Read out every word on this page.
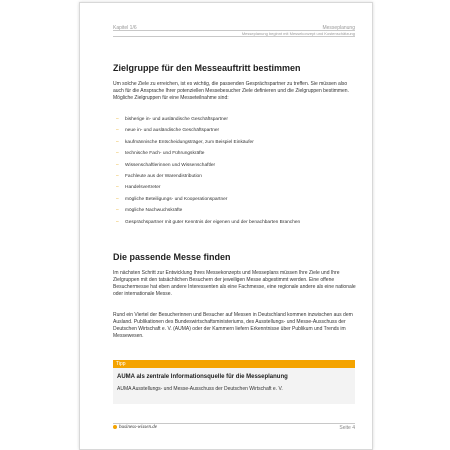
Kapitel 1/6	Messeplanung
Messeplanung beginnt mit Messekonzept und Kostenschätzung
Zielgruppe für den Messeauftritt bestimmen
Um solche Ziele zu erreichen, ist es wichtig, die passenden Gesprächspartner zu treffen. Sie müssen also auch für die Ansprache Ihrer potenziellen Messebesucher Ziele definieren und die Zielgruppen bestimmen. Mögliche Zielgruppen für eine Messeteilnahme sind:
– bisherige in- und ausländische Geschäftspartner
– neue in- und ausländische Geschäftspartner
– kaufmännische Entscheidungsträger, zum Beispiel Einkäufer
– technische Fach- und Führungskräfte
– Wissenschaftlerinnen und Wissenschaftler
– Fachleute aus der Warendistribution
– Handelsvertreter
– mögliche Beteiligungs- und Kooperationspartner
– mögliche Nachwuchskräfte
– Gesprächspartner mit guter Kenntnis der eigenen und der benachbarten Branchen
Die passende Messe finden
Im nächsten Schritt zur Entwicklung Ihres Messekonzepts und Messeplans müssen Ihre Ziele und Ihre Zielgruppen mit den tatsächlichen Besuchern der jeweiligen Messe abgestimmt werden. Eine offene Besuchermesse hat eben andere Interessenten als eine Fachmesse, eine regionale andere als eine nationale oder internationale Messe.
Rund ein Viertel der Besucherinnen und Besucher auf Messen in Deutschland kommen inzwischen aus dem Ausland. Publikationen des Bundeswirtschaftsministeriums, des Ausstellungs- und Messe-Ausschuss der Deutschen Wirtschaft e. V. (AUMA) oder der Kammern liefern Erkenntnisse über Publikum und Trends im Messewesen.
Tipp
AUMA als zentrale Informationsquelle für die Messeplanung
AUMA Ausstellungs- und Messe-Ausschuss der Deutschen Wirtschaft e. V.
business-wissen.de	Seite 4
